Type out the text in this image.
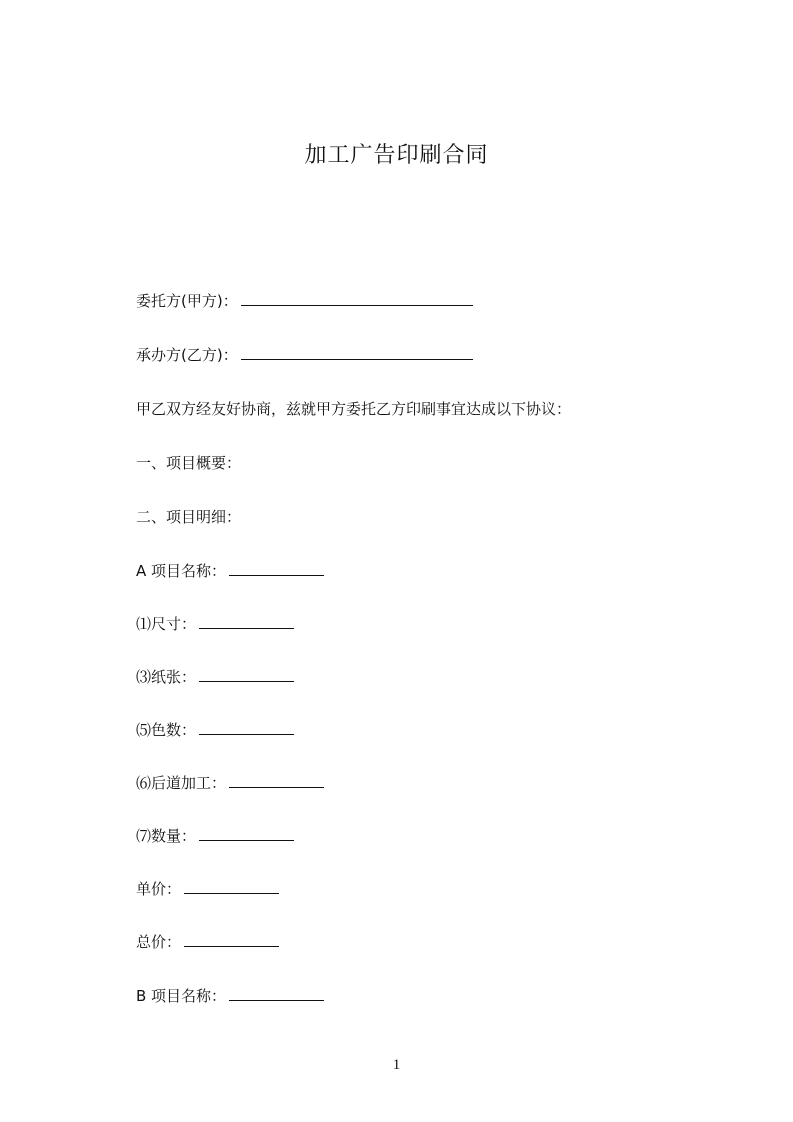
加工广告印刷合同
委托方(甲方)：
承办方(乙方)：
甲乙双方经友好协商，兹就甲方委托乙方印刷事宜达成以下协议：
一、项目概要：
二、项目明细：
A 项目名称：
⑴尺寸：
⑶纸张：
⑸色数：
⑹后道加工：
⑺数量：
单价：
总价：
B 项目名称：
1
